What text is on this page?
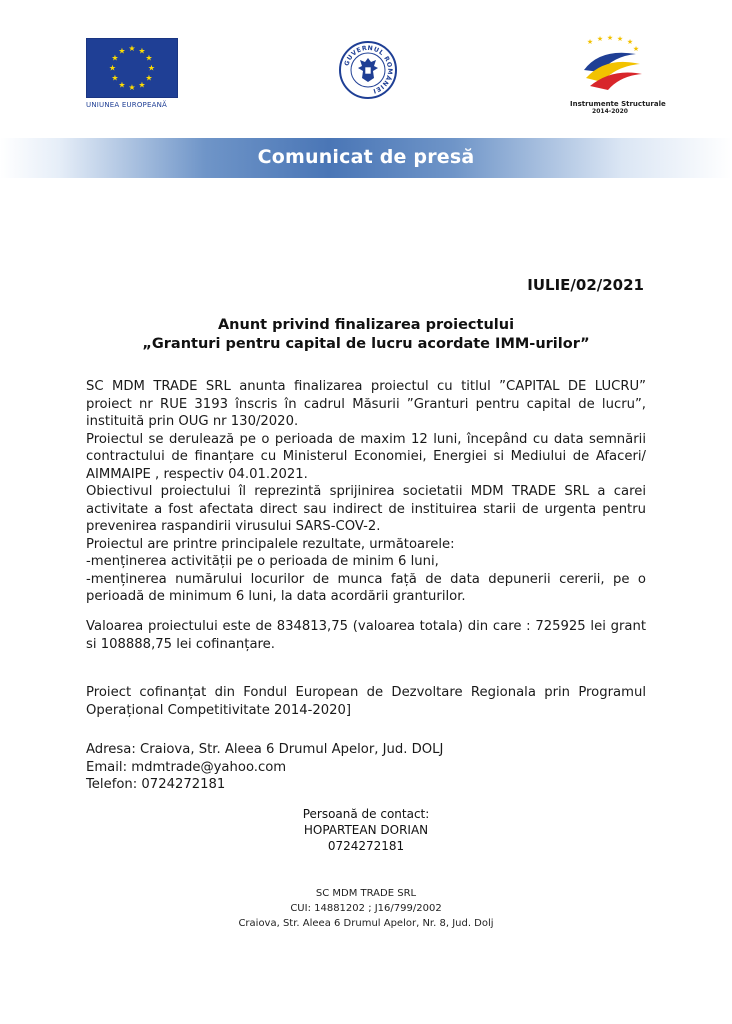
★ ★
★
★
★
★
★
★
★
★
★
★
UNIUNEA EUROPEANĂ
GUVERNUL ROMÂNIEI
★ ★ ★ ★ ★
★
Instrumente Structurale
2014-2020
Comunicat de presă
IULIE/02/2021
Anunt privind finalizarea proiectului
„Granturi pentru capital de lucru acordate IMM-urilor”

SC MDM TRADE SRL anunta finalizarea proiectul cu titlul ”CAPITAL DE LUCRU” proiect nr RUE 3193 înscris în cadrul Măsurii ”Granturi pentru capital de lucru”, instituită prin OUG nr 130/2020.

Proiectul se derulează pe o perioada de maxim 12 luni, începând cu data semnării contractului de finanțare cu Ministerul Economiei, Energiei si Mediului de Afaceri/ AIMMAIPE , respectiv 04.01.2021.

Obiectivul proiectului îl reprezintă sprijinirea societatii MDM TRADE SRL a carei activitate a fost afectata direct sau indirect de instituirea starii de urgenta pentru prevenirea raspandirii virusului SARS-COV-2.

Proiectul are printre principalele rezultate, următoarele:

-menținerea activității pe o perioada de minim 6 luni,

-menținerea numărului locurilor de munca față de data depunerii cererii, pe o perioadă de minimum 6 luni, la data acordării granturilor.

Valoarea proiectului este de 834813,75 (valoarea totala) din care : 725925 lei grant si 108888,75 lei cofinanțare.

Proiect cofinanțat din Fondul European de Dezvoltare Regionala prin Programul Operațional Competitivitate 2014-2020]

Adresa: Craiova, Str. Aleea 6 Drumul Apelor, Jud. DOLJ

Email: mdmtrade@yahoo.com

Telefon: 0724272181

Persoană de contact:
HOPARTEAN DORIAN
0724272181
SC MDM TRADE SRL
CUI: 14881202 ; J16/799/2002
Craiova, Str. Aleea 6 Drumul Apelor, Nr. 8, Jud. Dolj
